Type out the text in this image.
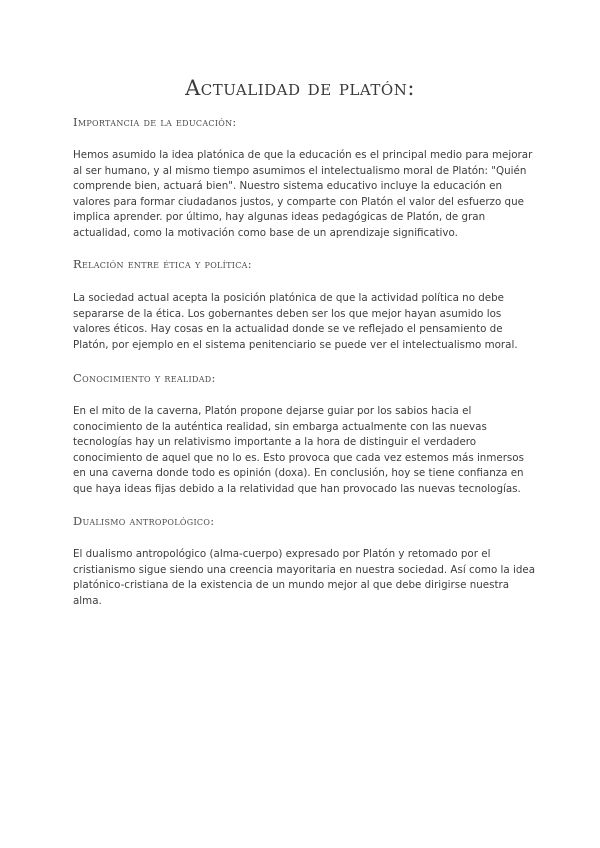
Actualidad de platón:
Importancia de la educación:

Hemos asumido la idea platónica de que la educación es el principal medio para mejorar al ser humano, y al mismo tiempo asumimos el intelectualismo moral de Platón: "Quién comprende bien, actuará bien". Nuestro sistema educativo incluye la educación en valores para formar ciudadanos justos, y comparte con Platón el valor del esfuerzo que implica aprender. por último, hay algunas ideas pedagógicas de Platón, de gran actualidad, como la motivación como base de un aprendizaje significativo.

Relación entre ética y política:

La sociedad actual acepta la posición platónica de que la actividad política no debe separarse de la ética. Los gobernantes deben ser los que mejor hayan asumido los valores éticos. Hay cosas en la actualidad donde se ve reflejado el pensamiento de Platón, por ejemplo en el sistema penitenciario se puede ver el intelectualismo moral.

Conocimiento y realidad:

En el mito de la caverna, Platón propone dejarse guiar por los sabios hacia el conocimiento de la auténtica realidad, sin embarga actualmente con las nuevas tecnologías hay un relativismo importante a la hora de distinguir el verdadero conocimiento de aquel que no lo es. Esto provoca que cada vez estemos más inmersos en una caverna donde todo es opinión (doxa). En conclusión, hoy se tiene confianza en que haya ideas fijas debido a la relatividad que han provocado las nuevas tecnologías.

Dualismo antropológico:

El dualismo antropológico (alma-cuerpo) expresado por Platón y retomado por el cristianismo sigue siendo una creencia mayoritaria en nuestra sociedad. Así como la idea platónico-cristiana de la existencia de un mundo mejor al que debe dirigirse nuestra alma.
